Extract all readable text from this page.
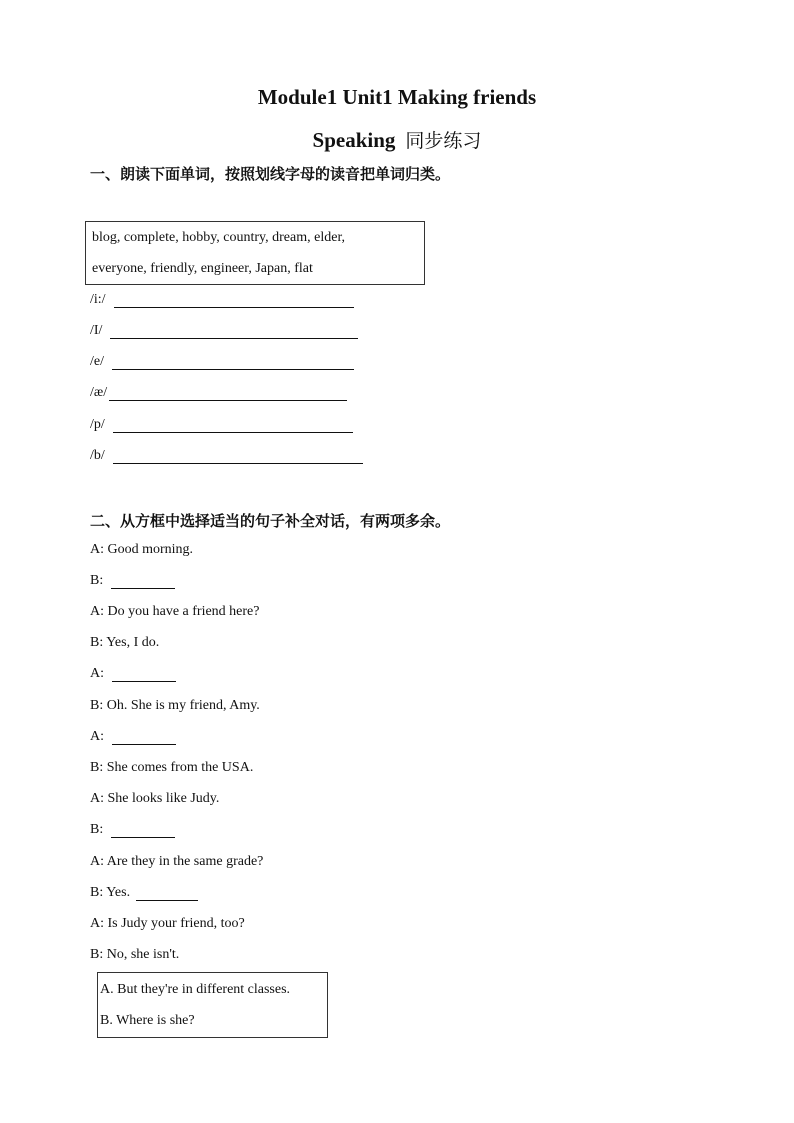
Module1 Unit1 Making friends
Speaking 同步练习
一、朗读下面单词，按照划线字母的读音把单词归类。
blog, complete, hobby, country, dream, elder,
everyone, friendly, engineer, Japan, flat
/i:/
/I/
/e/
/æ/
/p/
/b/
二、从方框中选择适当的句子补全对话，有两项多余。
A: Good morning.
B:
A: Do you have a friend here?
B: Yes, I do.
A:
B: Oh. She is my friend, Amy.
A:
B: She comes from the USA.
A: She looks like Judy.
B:
A: Are they in the same grade?
B: Yes.
A: Is Judy your friend, too?
B: No, she isn't.
A. But they're in different classes.
B. Where is she?
